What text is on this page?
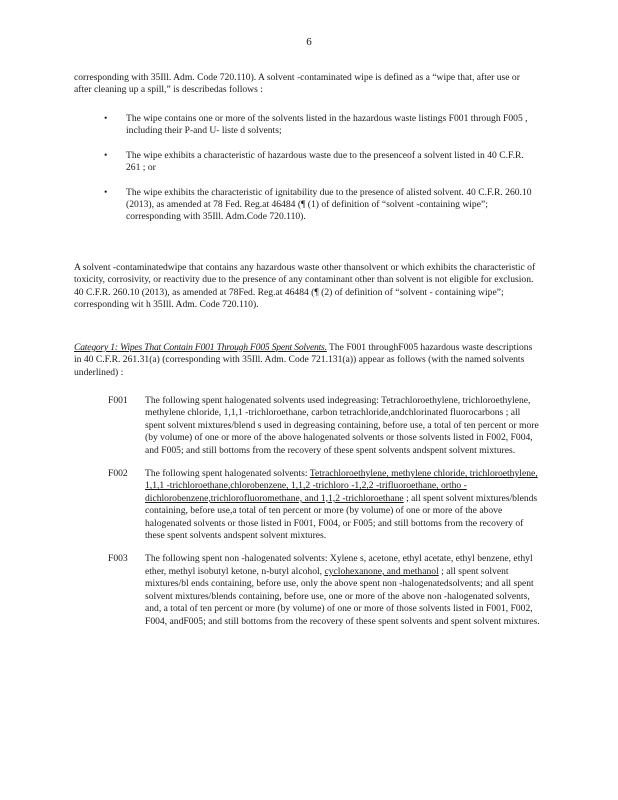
6
corresponding with 35Ill. Adm. Code 720.110). A solvent -contaminated wipe is defined as a “wipe that, after use or after cleaning up a spill,” is describedas follows :
• The wipe contains one or more of the solvents listed in the hazardous waste listings F001 through F005 , including their P-and U- liste d solvents;
• The wipe exhibits a characteristic of hazardous waste due to the presenceof a solvent listed in 40 C.F.R. 261 ; or
• The wipe exhibits the characteristic of ignitability due to the presence of alisted solvent. 40 C.F.R. 260.10 (2013), as amended at 78 Fed. Reg.at 46484 (¶ (1) of definition of “solvent -containing wipe”; corresponding with 35Ill. Adm.Code 720.110).
A solvent -contaminatedwipe that contains any hazardous waste other thansolvent or which exhibits the characteristic of toxicity, corrosivity, or reactivity due to the presence of any contaminant other than solvent is not eligible for exclusion. 40 C.F.R. 260.10 (2013), as amended at 78Fed. Reg.at 46484 (¶ (2) of definition of “solvent - containing wipe”; corresponding wit h 35Ill. Adm. Code 720.110).
Category 1: Wipes That Contain F001 Through F005 Spent Solvents. The F001 throughF005 hazardous waste descriptions in 40 C.F.R. 261.31(a) (corresponding with 35Ill. Adm. Code 721.131(a)) appear as follows (with the named solvents underlined) :
F001 The following spent halogenated solvents used indegreasing: Tetrachloroethylene, trichloroethylene, methylene chloride, 1,1,1 -trichloroethane, carbon tetrachloride,andchlorinated fluorocarbons ; all spent solvent mixtures/blend s used in degreasing containing, before use, a total of ten percent or more (by volume) of one or more of the above halogenated solvents or those solvents listed in F002, F004, and F005; and still bottoms from the recovery of these spent solvents andspent solvent mixtures.
F002 The following spent halogenated solvents: Tetrachloroethylene, methylene chloride, trichloroethylene, 1,1,1 -trichloroethane,chlorobenzene, 1,1,2 -trichloro -1,2,2 -trifluoroethane, ortho -dichlorobenzene,trichlorofluoromethane, and 1,1,2 -trichloroethane ; all spent solvent mixtures/blends containing, before use,a total of ten percent or more (by volume) of one or more of the above halogenated solvents or those listed in F001, F004, or F005; and still bottoms from the recovery of these spent solvents andspent solvent mixtures.
F003 The following spent non -halogenated solvents: Xylene s, acetone, ethyl acetate, ethyl benzene, ethyl ether, methyl isobutyl ketone, n-butyl alcohol, cyclohexanone, and methanol ; all spent solvent mixtures/bl ends containing, before use, only the above spent non -halogenatedsolvents; and all spent solvent mixtures/blends containing, before use, one or more of the above non -halogenated solvents, and, a total of ten percent or more (by volume) of one or more of those solvents listed in F001, F002, F004, andF005; and still bottoms from the recovery of these spent solvents and spent solvent mixtures.
